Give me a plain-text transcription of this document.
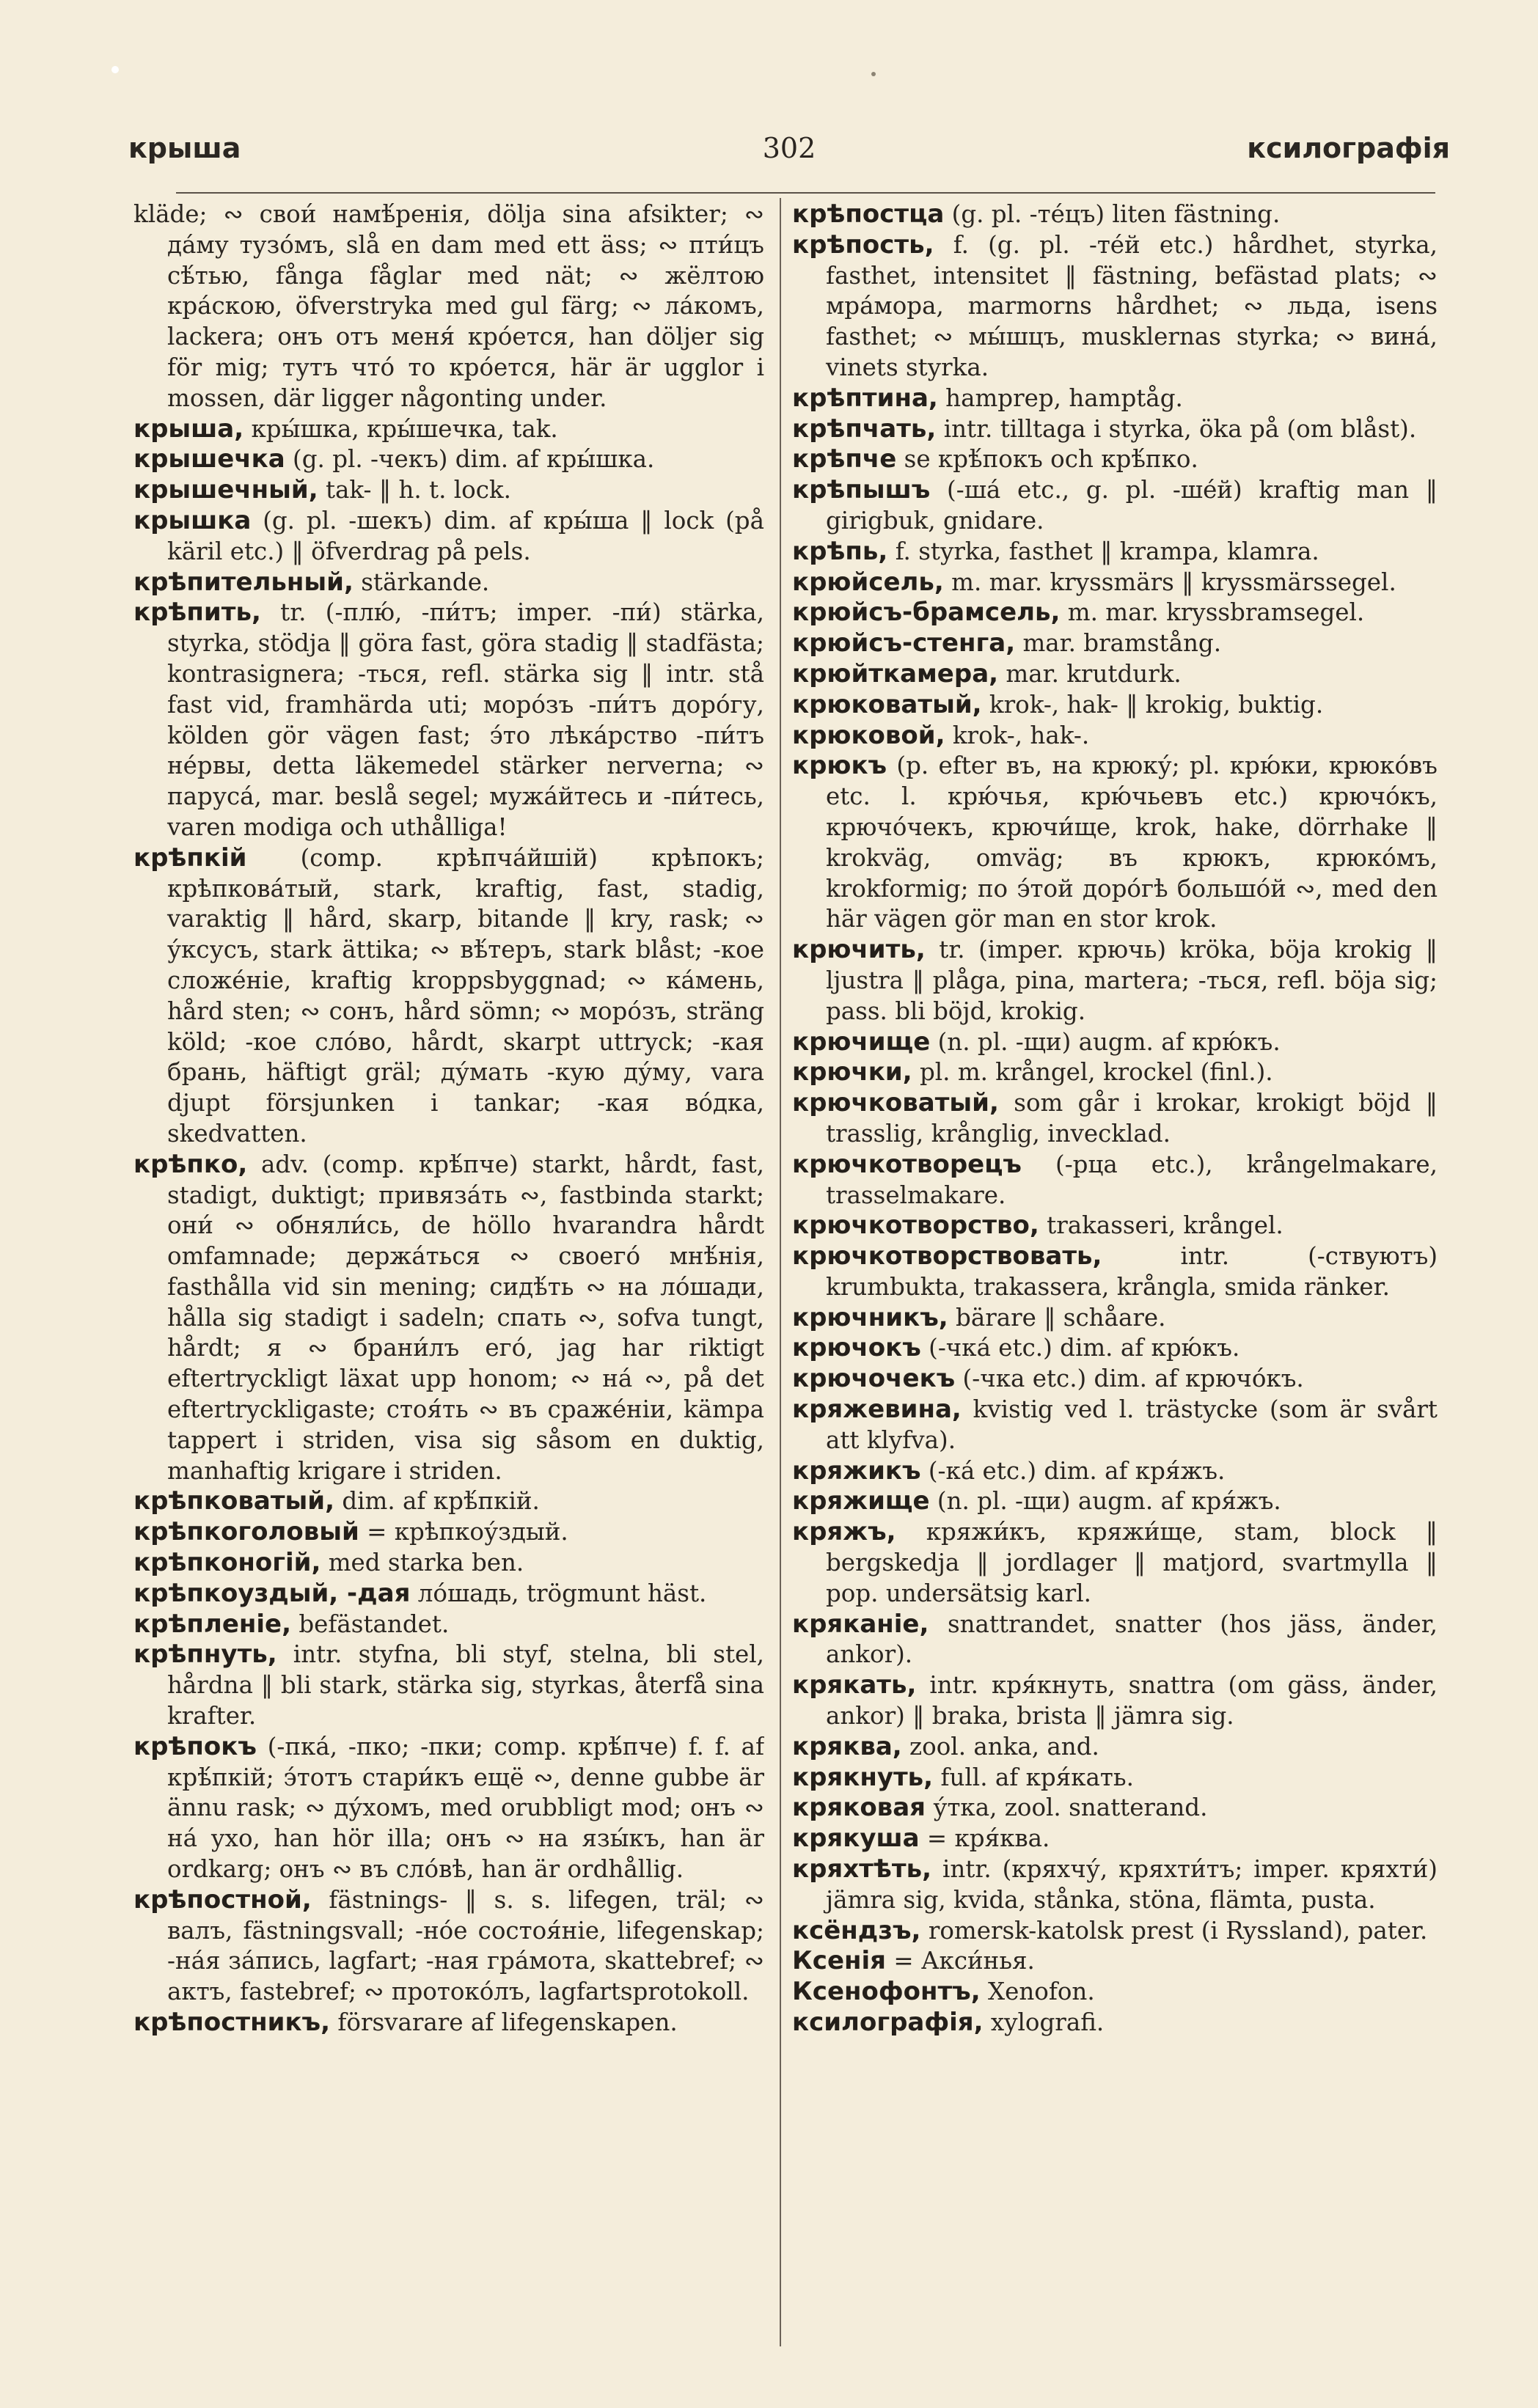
крыша	302	ксилографія
kläde; ∾ свои́ намѣ́ренія, dölja sina afsikter; ∾ да́му тузо́мъ, slå en dam med ett äss; ∾ пти́цъ сѣ́тью, fånga fåglar med nät; ∾ жёлтою кра́скою, öfverstryka med gul färg; ∾ ла́комъ, lackera; онъ отъ меня́ кро́ется, han döljer sig för mig; тутъ что́ то кро́ется, här är ugglor i mossen, där ligger någonting under.
крыша, кры́шка, кры́шечка, tak.
крышечка (g. pl. -чекъ) dim. af кры́шка.
крышечный, tak- ‖ h. t. lock.
крышка (g. pl. -шекъ) dim. af кры́ша ‖ lock (på käril etc.) ‖ öfverdrag på pels.
крѣпительный, stärkande.
крѣпить, tr. (-плю́, -пи́тъ; imper. -пи́) stärka, styrka, stödja ‖ göra fast, göra stadig ‖ stadfästa; kontrasignera; -ться, refl. stärka sig ‖ intr. stå fast vid, framhärda uti; моро́зъ -пи́тъ доро́гу, kölden gör vägen fast; э́то лѣка́рство -пи́тъ не́рвы, detta läkemedel stärker nerverna; ∾ паруса́, mar. beslå segel; мужа́йтесь и -пи́тесь, varen modiga och uthålliga!
крѣпкій (comp. крѣпча́йшій) крѣпокъ; крѣпкова́тый, stark, kraftig, fast, stadig, varaktig ‖ hård, skarp, bitande ‖ kry, rask; ∾ у́ксусъ, stark ättika; ∾ вѣ́теръ, stark blåst; -кое сложе́ніе, kraftig kroppsbyggnad; ∾ ка́мень, hård sten; ∾ сонъ, hård sömn; ∾ моро́зъ, sträng köld; -кое сло́во, hårdt, skarpt uttryck; -кая брань, häftigt gräl; ду́мать -кую ду́му, vara djupt försjunken i tankar; -кая во́дка, skedvatten.
крѣпко, adv. (comp. крѣ́пче) starkt, hårdt, fast, stadigt, duktigt; привяза́ть ∾, fastbinda starkt; они́ ∾ обняли́сь, de höllo hvarandra hårdt omfamnade; держа́ться ∾ своего́ мнѣ́нія, fasthålla vid sin mening; сидѣ́ть ∾ на ло́шади, hålla sig stadigt i sadeln; спать ∾, sofva tungt, hårdt; я ∾ брани́лъ его́, jag har riktigt eftertryckligt läxat upp honom; ∾ на́ ∾, på det eftertryckligaste; стоя́ть ∾ въ сраже́ніи, kämpa tappert i striden, visa sig såsom en duktig, manhaftig krigare i striden.
крѣпковатый, dim. af крѣ́пкій.
крѣпкоголовый = крѣпкоу́здый.
крѣпконогій, med starka ben.
крѣпкоуздый, -дая ло́шадь, trögmunt häst.
крѣпленіе, befästandet.
крѣпнуть, intr. styfna, bli styf, stelna, bli stel, hårdna ‖ bli stark, stärka sig, styrkas, återfå sina krafter.
крѣпокъ (-пка́, -пко; -пки; comp. крѣ́пче) f. f. af крѣ́пкій; э́тотъ стари́къ ещё ∾, denne gubbe är ännu rask; ∾ ду́хомъ, med orubbligt mod; онъ ∾ на́ ухо, han hör illa; онъ ∾ на язы́къ, han är ordkarg; онъ ∾ въ сло́вѣ, han är ordhållig.
крѣпостной, fästnings- ‖ s. s. lifegen, träl; ∾ валъ, fästningsvall; -но́е состоя́ніе, lifegenskap; -на́я за́пись, lagfart; -ная гра́мота, skattebref; ∾ актъ, fastebref; ∾ протоко́лъ, lagfartsprotokoll.
крѣпостникъ, försvarare af lifegenskapen.
крѣпостца (g. pl. -те́цъ) liten fästning.
крѣпость, f. (g. pl. -те́й etc.) hårdhet, styrka, fasthet, intensitet ‖ fästning, befästad plats; ∾ мра́мора, marmorns hårdhet; ∾ льда, isens fasthet; ∾ мы́шцъ, musklernas styrka; ∾ вина́, vinets styrka.
крѣптина, hamprep, hamptåg.
крѣпчать, intr. tilltaga i styrka, öka på (om blåst).
крѣпче se крѣ́покъ och крѣ́пко.
крѣпышъ (-ша́ etc., g. pl. -ше́й) kraftig man ‖ girigbuk, gnidare.
крѣпь, f. styrka, fasthet ‖ krampa, klamra.
крюйсель, m. mar. kryssmärs ‖ kryssmärssegel.
крюйсъ-брамсель, m. mar. kryssbramsegel.
крюйсъ-стенга, mar. bramstång.
крюйткамера, mar. krutdurk.
крюковатый, krok-, hak- ‖ krokig, buktig.
крюковой, krok-, hak-.
крюкъ (p. efter въ, на крюку́; pl. крю́ки, крюко́въ etc. l. крю́чья, крю́чьевъ etc.) крючо́къ, крючо́чекъ, крючи́ще, krok, hake, dörrhake ‖ krokväg, omväg; въ крюкъ, крюко́мъ, krokformig; по э́той доро́гѣ большо́й ∾, med den här vägen gör man en stor krok.
крючить, tr. (imper. крючь) kröka, böja krokig ‖ ljustra ‖ plåga, pina, martera; -ться, refl. böja sig; pass. bli böjd, krokig.
крючище (n. pl. -щи) augm. af крю́къ.
крючки, pl. m. krångel, krockel (finl.).
крючковатый, som går i krokar, krokigt böjd ‖ trasslig, krånglig, invecklad.
крючкотворецъ (-рца etc.), krångelmakare, trasselmakare.
крючкотворство, trakasseri, krångel.
крючкотворствовать,	intr. (-ствуютъ) krumbukta, trakassera, krångla, smida ränker.
крючникъ, bärare ‖ schåare.
крючокъ (-чка́ etc.) dim. af крю́къ.
крючочекъ (-чка etc.) dim. af крючо́къ.
кряжевина, kvistig ved l. trästycke (som är svårt att klyfva).
кряжикъ (-ка́ etc.) dim. af кря́жъ.
кряжище (n. pl. -щи) augm. af кря́жъ.
кряжъ, кряжи́къ, кряжи́ще, stam, block ‖ bergskedja ‖ jordlager ‖ matjord, svartmylla ‖ pop. undersätsig karl.
кряканіе, snattrandet, snatter (hos jäss, änder, ankor).
крякать, intr. кря́кнуть, snattra (om gäss, änder, ankor) ‖ braka, brista ‖ jämra sig.
кряква, zool. anka, and.
крякнуть, full. af кря́кать.
кряковая у́тка, zool. snatterand.
крякуша = кря́ква.
кряхтѣть, intr. (кряхчу́, кряхти́тъ; imper. кряхти́) jämra sig, kvida, stånka, stöna, flämta, pusta.
ксёндзъ, romersk-katolsk prest (i Ryssland), pater.
Ксенія = Акси́нья.
Ксенофонтъ, Xenofon.
ксилографія, xylografi.
